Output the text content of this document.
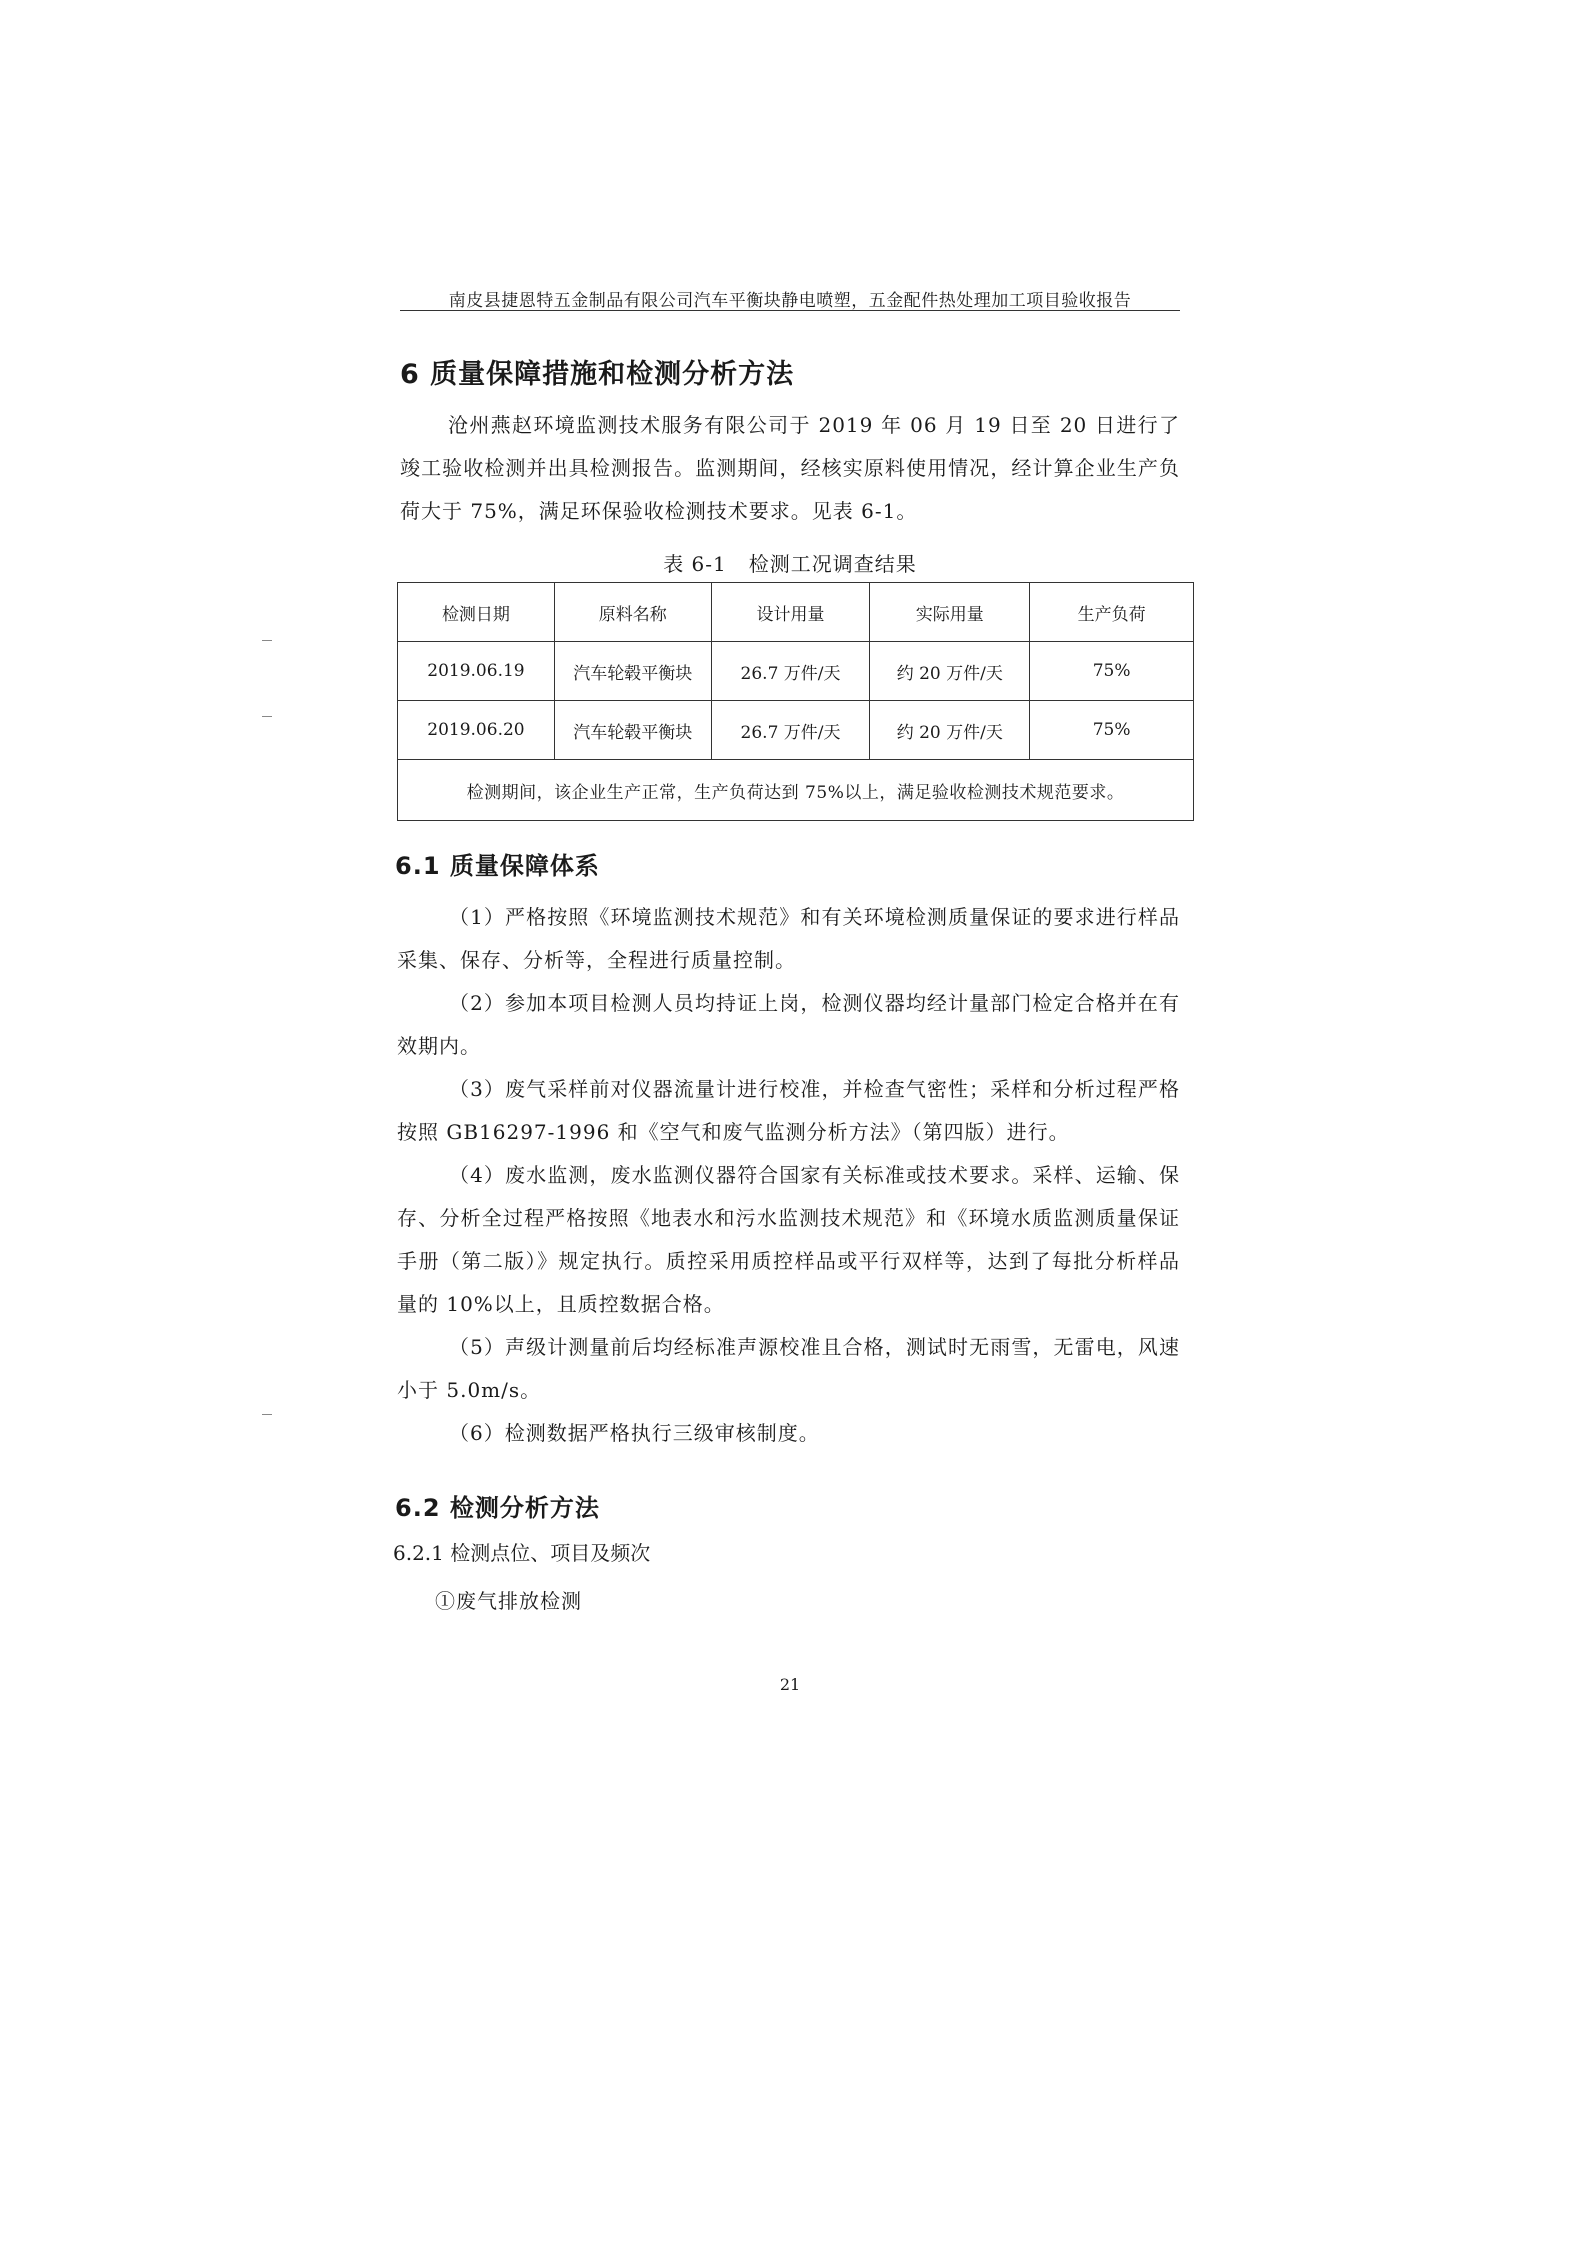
南皮县捷恩特五金制品有限公司汽车平衡块静电喷塑，五金配件热处理加工项目验收报告
6 质量保障措施和检测分析方法
沧州燕赵环境监测技术服务有限公司于 2019 年 06 月 19 日至 20 日进行了竣工验收检测并出具检测报告。监测期间，经核实原料使用情况，经计算企业生产负荷大于 75%，满足环保验收检测技术要求。见表 6-1。
表 6-1 检测工况调查结果
检测日期	原料名称	设计用量	实际用量	生产负荷
2019.06.19	汽车轮毂平衡块	26.7 万件/天	约 20 万件/天	75%
2019.06.20	汽车轮毂平衡块	26.7 万件/天	约 20 万件/天	75%
检测期间，该企业生产正常，生产负荷达到 75%以上，满足验收检测技术规范要求。				
6.1 质量保障体系
（1）严格按照《环境监测技术规范》和有关环境检测质量保证的要求进行样品采集、保存、分析等，全程进行质量控制。
（2）参加本项目检测人员均持证上岗，检测仪器均经计量部门检定合格并在有效期内。
（3）废气采样前对仪器流量计进行校准，并检查气密性；采样和分析过程严格按照 GB16297-1996 和《空气和废气监测分析方法》（第四版）进行。
（4）废水监测，废水监测仪器符合国家有关标准或技术要求。采样、运输、保存、分析全过程严格按照《地表水和污水监测技术规范》和《环境水质监测质量保证手册（第二版）》规定执行。质控采用质控样品或平行双样等，达到了每批分析样品量的 10%以上，且质控数据合格。
（5）声级计测量前后均经标准声源校准且合格，测试时无雨雪，无雷电，风速小于 5.0m/s。
（6）检测数据严格执行三级审核制度。
6.2 检测分析方法
6.2.1 检测点位、项目及频次
①废气排放检测
21
